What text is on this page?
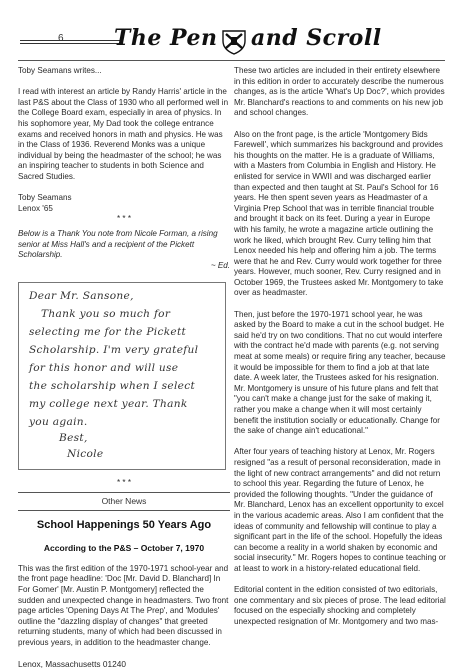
6 The Pen and Scroll

Toby Seamans writes...

I read with interest an article by Randy Harris' article in the last P&S about the Class of 1930 who all performed well in the College Board exam, especially in area of physics. In his sophomore year, My Dad took the college entrance exams and received honors in math and physics. He was in the Class of 1936. Reverend Monks was a unique individual by being the headmaster of the school; he was an inspiring teacher to students in both Science and Sacred Studies.

Toby Seamans

Lenox '65

* * *

Below is a Thank You note from Nicole Forman, a rising senior at Miss Hall's and a recipient of the Pickett Scholarship.

~ Ed.

Dear Mr. Sansone,
Thank you so much for
selecting me for the Pickett
Scholarship. I'm very grateful
for this honor and will use
the scholarship when I select
my college next year. Thank
you again.
Best,
Nicole
* * *
Other News

School Happenings 50 Years Ago

According to the P&S – October 7, 1970

This was the first edition of the 1970-1971 school-year and the front page headline: 'Doc [Mr. David D. Blanchard] In For Gomer' [Mr. Austin P. Montgomery] reflected the sudden and unexpected change in headmasters. Two front page articles 'Opening Days At The Prep', and 'Modules' outline the "dazzling display of changes" that greeted returning students, many of which had been discussed in previous years, in addition to the headmaster change.

Lenox, Massachusetts 01240

These two articles are included in their entirety elsewhere in this edition in order to accurately describe the numerous changes, as is the article 'What's Up Doc?', which provides Mr. Blanchard's reactions to and comments on his new job and school changes.

Also on the front page, is the article 'Montgomery Bids Farewell', which summarizes his background and provides his thoughts on the matter. He is a graduate of Williams, with a Masters from Columbia in English and History. He enlisted for service in WWII and was discharged earlier than expected and then taught at St. Paul's School for 16 years. He then spent seven years as Headmaster of a Virginia Prep School that was in terrible financial trouble and brought it back on its feet. During a year in Europe with his family, he wrote a magazine article outlining the work he liked, which brought Rev. Curry telling him that Lenox needed his help and offering him a job. The terms were that he and Rev. Curry would work together for three years. However, much sooner, Rev. Curry resigned and in October 1969, the Trustees asked Mr. Montgomery to take over as headmaster.

Then, just before the 1970-1971 school year, he was asked by the Board to make a cut in the school budget. He said he'd try on two conditions. That no cut would interfere with the contract he'd made with parents (e.g. not serving meat at some meals) or require firing any teacher, because it would be impossible for them to find a job at that late date. A week later, the Trustees asked for his resignation. Mr. Montgomery is unsure of his future plans and felt that "you can't make a change just for the sake of making it, rather you make a change when it will most certainly benefit the institution socially or educationally. Change for the sake of change ain't educational."

After four years of teaching history at Lenox, Mr. Rogers resigned "as a result of personal reconsideration, made in the light of new contract arrangements" and did not return to school this year. Regarding the future of Lenox, he provided the following thoughts. "Under the guidance of Mr. Blanchard, Lenox has an excellent opportunity to excel in the various academic areas. Also I am confident that the ideas of community and fellowship will continue to play a significant part in the life of the school. Hopefully the ideas can become a reality in a world shaken by economic and social insecurity." Mr. Rogers hopes to continue teaching or at least to work in a history-related educational field.

Editorial content in the edition consisted of two editorials, one commentary and six pieces of prose. The lead editorial focused on the especially shocking and completely unexpected resignation of Mr. Montgomery and two mas-
